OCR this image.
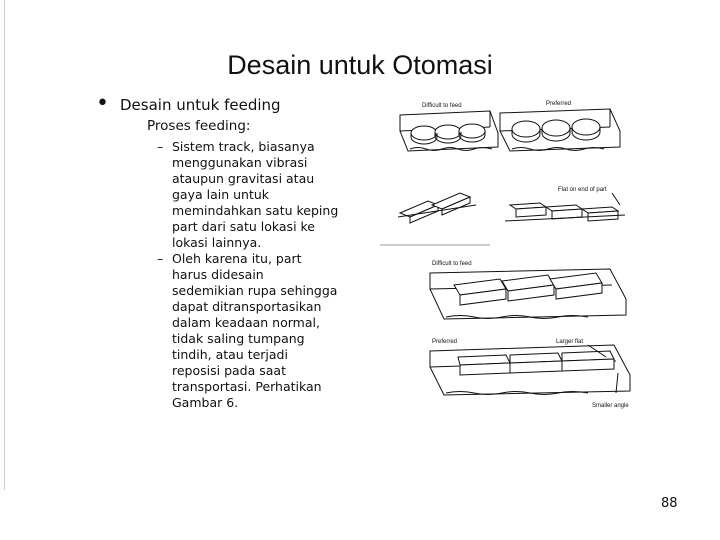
Desain untuk Otomasi
• Desain untuk feeding
Proses feeding:
– Sistem track, biasanya
menggunakan vibrasi
ataupun gravitasi atau
gaya lain untuk
memindahkan satu keping
part dari satu lokasi ke
lokasi lainnya.
– Oleh karena itu, part
harus didesain
sedemikian rupa sehingga
dapat ditransportasikan
dalam keadaan normal,
tidak saling tumpang
tindih, atau terjadi
reposisi pada saat
transportasi. Perhatikan
Gambar 6.
Difficult to feed	Preferred
Flat on end of part
Difficult to feed
Preferred	Larger flat
Smaller angle
88
